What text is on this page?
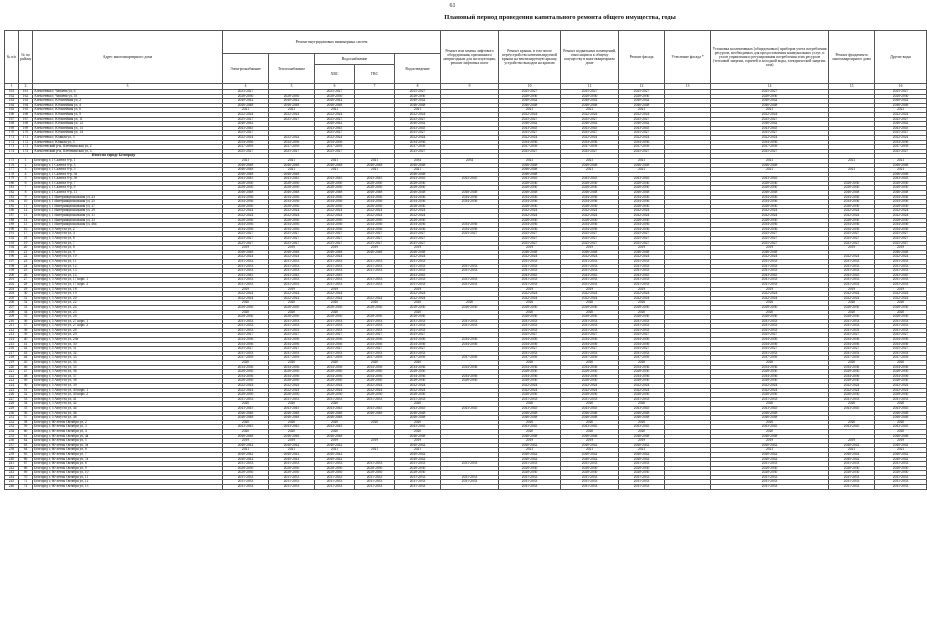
61
Плановый период проведения капитального ремонта общего имущества, годы
№ п/п	№ по району	Адрес многоквартирного дома	Ремонт внутридомовых инженерных систем					Ремонт или замена лифтового оборудования, признанного непригодным для эксплуатации, ремонт лифтовых шахт	Ремонт крыши, в том числе переустройство невентилируемой крыши на вентилируемую крышу, устройство выходов на кровлю	Ремонт подвальных помещений, относящихся к общему имуществу в многоквартирном доме	Ремонт фасада	Утепление фасада *	Установка коллективных (общедомовых) приборов учета потребления ресурсов, необходимых для предоставления коммунальных услуг, и узлов управления и регулирования потребления этих ресурсов (тепловой энергии, горячей и холодной воды, электрической энергии, газа)	Ремонт фундамента многоквартирного дома	Другие виды
			Электроснабжение	Теплоснабжение	Водоснабжение		Водоотведение								
					ХВС	ГВС									
1	2	3	4	5	6	7	8	9	10	11	12	13	14	15	16
161	161	Алексеевка г, Чапаева ул, 6	2023-2027		2025-2027		2025-2027		2025-2027	2025-2027	2025-2027		2025-2027		2025-2027
162	162	Алексеевка г, Чапаева ул, 55	2028-2030	2028-2030	2028-2030		2028-2030		2028-2030	2028-2030	2028-2030		2028-2030		2028-2030
163	163	Алексеевка г, Юбилейная ул, 2	2040-2042	2040-2042	2040-2042		2040-2042		2040-2042	2040-2042	2040-2042		2040-2042		2040-2042
164	164	Алексеевка г, Юбилейная ул, 4	2046-2048	2046-2048	2046-2048		2046-2048		2046-2048	2046-2048	2046-2048		2046-2048		2046-2048
165	165	Алексеевка г, Юбилейная ул, 6	2021	2021	2021		2021		2021	2021	2021		2021		2021
166	166	Алексеевка г, Юбилейная ул, 9	2022-2024	2022-2024	2022-2024		2022-2024		2022-2024	2022-2024	2022-2024		2022-2024		2022-2024
167	167	Алексеевка г, Юбилейная ул, 11	2025-2027	2025-2027	2025-2027		2025-2027		2025-2027	2025-2027	2025-2027		2025-2027		2025-2027
168	168	Алексеевка г, Юбилейная ул, 12	2040-2042		2040-2042		2040-2042		2040-2042	2040-2042	2040-2042		2040-2042		2040-2042
169	169	Алексеевка г, Юбилейная ул, 13	2043-2045		2043-2045		2043-2045		2043-2045	2043-2045	2043-2045		2043-2045		2043-2045
170	170	Алексеевка г, Юбилейная ул, 14	2025-2027		2025-2027		2025-2027		2025-2027	2025-2027	2025-2027		2025-2027		2025-2027
171	171	Алексеевка г, Южная ул, 3	2022-2024	2022-2024	2022-2024		2022-2024		2022-2024	2022-2024	2022-2024		2022-2024		2022-2024
172	172	Алексеевка г, Южная ул, 5	2034-2036	2034-2036	2034-2036		2034-2036		2034-2036	2034-2036	2034-2036		2034-2036		2034-2036
173	173	Алексеевский р-н, Шебекинская ул, 2	2037-2039	2037-2039	2037-2039		2037-2039		2037-2039	2037-2039	2037-2039		2037-2039		2037-2039
174	174	Алексеевский р-н, Шебекинская ул, 4	2025-2027	2025-2027	2025-2027		2025-2027		2025-2027	2025-2027	2025-2027		2025-2027		2025-2027
Итого по городу Белгороду															
175	1	Белгород г, 1 Салюта б-р, 1	2021	2021	2021	2021	2034	2034	2021	2021	2021		2021	2021	2021
176	2	Белгород г, 1 Салюта б-р, 3	2046-2048	2046-2048	2046-2048	2046-2048	2046-2048		2046-2048	2046-2048	2046-2048		2046-2048		2046-2048
177	3	Белгород г, 1 Салюта б-р, 5	2046-2048	2021	2021	2021	2021		2046-2048	2021	2021		2021	2021	2021
178	4	Белгород г, 1 Салюта б-р, 5а	2046-2048	2046-2048			2046-2048		2046-2048						2046-2048
179	5	Белгород г, 1 Салюта б-р, 5б	2043-2045	2043-2045	2043-2045	2043-2045	2043-2045	2043-2045	2043-2045	2043-2045	2043-2045		2043-2045		2043-2045
180	6	Белгород г, 1 Салюта б-р, 7	2028-2030	2028-2030	2028-2030	2028-2030	2028-2030		2028-2030	2028-2030	2028-2030		2028-2030	2028-2030	2028-2030
181	7	Белгород г, 1 Салюта б-р, 9	2028-2030	2028-2030	2028-2030	2028-2030	2028-2030		2028-2030	2028-2030	2028-2030		2028-2030	2028-2030	2028-2030
182	8	Белгород г, 1 Салюта б-р, 11	2046-2048	2046-2048	2046-2048	2046-2048	2046-2048	2046-2048	2046-2048	2046-2048	2046-2048		2046-2048	2046-2048	2046-2048
183	9	Белгород г, 1 Интернациональная ул, 23	2034-2036	2034-2036	2034-2036	2034-2036	2034-2036	2034-2036	2034-2036	2034-2036	2034-2036		2034-2036	2034-2036	2034-2036
184	10	Белгород г, 1 Интернациональная ул, 25	2034-2036	2034-2036	2034-2036	2034-2036	2034-2036	2034-2036	2034-2036	2034-2036	2034-2036		2034-2036	2034-2036	2034-2036
185	11	Белгород г, 1 Интернациональная ул, 27	2028-2030	2028-2030	2028-2030	2028-2030	2028-2030		2028-2030	2028-2030	2028-2030		2028-2030	2028-2030	2028-2030
186	12	Белгород г, 1 Интернациональная ул, 29	2022-2024	2022-2024	2022-2024	2022-2024	2022-2024		2022-2024	2022-2024	2022-2024		2022-2024	2022-2024	2022-2024
187	13	Белгород г, 1 Интернациональная ул, 31	2022-2024	2022-2024	2022-2024	2022-2024	2022-2024		2022-2024	2022-2024	2022-2024		2022-2024	2022-2024	2022-2024
188	14	Белгород г, 1 Интернациональная ул, 33	2028-2030	2028-2030	2028-2030	2028-2030	2028-2030		2028-2030	2028-2030	2028-2030		2028-2030	2028-2030	2028-2030
189	15	Белгород г, 1 Интернациональная ул, 46а	2034-2036	2034-2036	2034-2036	2034-2036	2034-2036	2034-2036	2034-2036	2034-2036	2034-2036		2034-2036	2034-2036	2034-2036
190	16	Белгород г, 5 Августа ул, 2	2034-2036	2034-2036	2034-2036	2034-2036	2034-2036	2034-2036	2034-2036	2034-2036	2034-2036		2034-2036	2034-2036	2034-2036
191	17	Белгород г, 5 Августа ул, 4	2025-2027	2025-2027	2025-2027	2025-2027	2025-2027	2025-2027	2025-2027	2025-2027	2025-2027		2025-2027	2025-2027	2025-2027
192	18	Белгород г, 5 Августа ул, 6	2025-2027	2025-2027	2025-2027	2025-2027	2025-2027		2025-2027	2025-2027	2025-2027		2025-2027	2025-2027	2025-2027
193	19	Белгород г, 5 Августа ул, 7	2025-2027	2025-2027	2025-2027	2025-2027	2025-2027		2025-2027	2025-2027	2025-2027		2025-2027	2025-2027	2025-2027
194	20	Белгород г, 5 Августа ул, 8	2019	2019	2019	2019	2019		2019	2019	2019		2019	2019	2019
195	21	Белгород г, 5 Августа ул, 9	2046-2048	2046-2048	2046-2048	2046-2048	2046-2048		2046-2048	2046-2048	2046-2048		2046-2048		2046-2048
196	22	Белгород г, 5 Августа ул, 10	2022-2024	2022-2024	2022-2024		2022-2024		2022-2024	2022-2024	2022-2024		2022-2024	2022-2024	2022-2024
197	23	Белгород г, 5 Августа ул, 11	2031-2033	2031-2033	2031-2033	2031-2033	2031-2033		2031-2033	2031-2033	2031-2033		2031-2033	2031-2033	2031-2033
198	24	Белгород г, 5 Августа ул, 12	2031-2033	2031-2033	2031-2033	2031-2033	2031-2033	2031-2033	2031-2033	2031-2033	2031-2033		2031-2033	2031-2033	2031-2033
199	25	Белгород г, 5 Августа ул, 13	2031-2033	2031-2033	2031-2033	2031-2033	2031-2033	2031-2033	2031-2033	2031-2033	2031-2033		2031-2033	2031-2033	2031-2033
200	26	Белгород г, 5 Августа ул, 14	2043-2045	2043-2045	2043-2045		2043-2045		2043-2045	2043-2045	2043-2045		2043-2045	2043-2045	2043-2045
201	27	Белгород г, 5 Августа ул, 17 корп. 1	2031-2033	2031-2033	2031-2033	2031-2033	2031-2033	2031-2033	2031-2033	2031-2033	2031-2033		2031-2033	2031-2033	2031-2033
202	28	Белгород г, 5 Августа ул, 17 корп. 2	2031-2033	2031-2033	2031-2033	2031-2033	2031-2033	2031-2033	2031-2033	2031-2033	2031-2033		2031-2033	2031-2033	2031-2033
203	29	Белгород г, 5 Августа ул, 18	2019	2019	2019		2019		2019	2019	2019		2019	2019	2019
204	30	Белгород г, 5 Августа ул, 19	2022-2024	2022-2024	2022-2024		2022-2024		2022-2024	2022-2024	2022-2024		2022-2024	2022-2024	2022-2024
205	31	Белгород г, 5 Августа ул, 20	2022-2024	2022-2024	2022-2024	2022-2024	2022-2024		2022-2024	2022-2024	2022-2024		2022-2024	2022-2024	2022-2024
206	32	Белгород г, 5 Августа ул, 22	2020	2020	2020	2020	2020	2020	2020	2020	2020		2020	2020	2020
207	33	Белгород г, 5 Августа ул, 24	2028-2030	2028-2030	2028-2030	2028-2030	2028-2030	2028-2030	2028-2030	2028-2030	2028-2030		2028-2030	2028-2030	2028-2030
208	34	Белгород г, 5 Августа ул, 25	2020	2020	2020		2020		2020	2020	2020		2020	2020	2020
209	35	Белгород г, 5 Августа ул, 26	2028-2030	2028-2030	2028-2030	2028-2030	2028-2030		2028-2030	2028-2030	2028-2030		2028-2030	2028-2030	2028-2030
210	36	Белгород г, 5 Августа ул, 27 корп. 1	2031-2033	2031-2033	2031-2033	2031-2033	2031-2033	2031-2033	2031-2033	2031-2033	2031-2033		2031-2033	2031-2033	2031-2033
211	37	Белгород г, 5 Августа ул, 27 корп. 2	2031-2033	2031-2033	2031-2033	2031-2033	2031-2033	2031-2033	2031-2033	2031-2033	2031-2033		2031-2033	2031-2033	2031-2033
212	38	Белгород г, 5 Августа ул, 28	2031-2033	2031-2033	2031-2033	2031-2033	2031-2033		2031-2033	2031-2033	2031-2033		2031-2033	2031-2033	2031-2033
213	39	Белгород г, 5 Августа ул, 29	2025-2027	2025-2027	2025-2027	2025-2027	2025-2027		2025-2027	2025-2027	2025-2027		2025-2027	2025-2027	2025-2027
214	40	Белгород г, 5 Августа ул, 29а	2034-2036	2034-2036	2034-2036	2034-2036	2034-2036	2034-2036	2034-2036	2034-2036	2034-2036		2034-2036	2034-2036	2034-2036
215	41	Белгород г, 5 Августа ул, 30	2034-2036	2034-2036	2034-2036	2034-2036	2034-2036	2034-2036	2034-2036	2034-2036	2034-2036		2034-2036	2034-2036	2034-2036
216	42	Белгород г, 5 Августа ул, 31	2025-2027	2025-2027	2025-2027	2025-2027	2025-2027		2025-2027	2025-2027	2025-2027		2025-2027	2025-2027	2025-2027
217	43	Белгород г, 5 Августа ул, 32	2031-2033	2031-2033	2031-2033	2031-2033	2031-2033		2031-2033	2031-2033	2031-2033		2031-2033	2031-2033	2031-2033
218	44	Белгород г, 5 Августа ул, 33	2037-2039	2037-2039	2037-2039	2037-2039	2037-2039	2037-2039	2037-2039	2037-2039	2037-2039		2037-2039	2037-2039	2037-2039
219	45	Белгород г, 5 Августа ул, 34	2020	2020	2020	2020	2020		2020	2020	2020		2020	2020	2020
220	46	Белгород г, 5 Августа ул, 35	2034-2036	2034-2036	2034-2036	2034-2036	2034-2036	2034-2036	2034-2036	2034-2036	2034-2036		2034-2036	2034-2036	2034-2036
221	47	Белгород г, 5 Августа ул, 36	2028-2030	2028-2030	2028-2030	2028-2030	2028-2030		2028-2030	2028-2030	2028-2030		2028-2030	2028-2030	2028-2030
222	48	Белгород г, 5 Августа ул, 37	2034-2036	2034-2036	2034-2036	2034-2036	2034-2036	2034-2036	2034-2036	2034-2036	2034-2036		2034-2036	2034-2036	2034-2036
223	49	Белгород г, 5 Августа ул, 38	2028-2030	2028-2030	2028-2030	2028-2030	2028-2030	2028-2030	2028-2030	2028-2030	2028-2030		2028-2030	2028-2030	2028-2030
224	50	Белгород г, 5 Августа ул, 39	2022-2024	2022-2024	2022-2024	2022-2024	2022-2024		2022-2024	2022-2024	2022-2024		2022-2024	2022-2024	2022-2024
225	51	Белгород г, 5 Августа ул, 40 корп. 1	2022-2024	2022-2024	2022-2024	2022-2024	2022-2024		2022-2024	2022-2024	2022-2024		2022-2024	2022-2024	2022-2024
226	52	Белгород г, 5 Августа ул, 40 корп. 2	2028-2030	2028-2030	2028-2030	2028-2030	2028-2030		2028-2030	2028-2030	2028-2030		2028-2030	2028-2030	2028-2030
227	53	Белгород г, 5 Августа ул, 41	2031-2033	2031-2033	2031-2033	2031-2033	2031-2033		2031-2033	2031-2033	2031-2033		2031-2033	2031-2033	2031-2033
228	54	Белгород г, 5 Августа ул, 42	2020	2020	2020		2020		2020	2020	2020		2020	2020	2020
229	55	Белгород г, 5 Августа ул, 44	2043-2045	2043-2045	2043-2045	2043-2045	2043-2045	2043-2045	2043-2045	2043-2045	2043-2045		2043-2045	2043-2045	2043-2045
230	56	Белгород г, 5 Августа ул, 46	2046-2048	2046-2048	2046-2048	2046-2048	2046-2048		2046-2048	2046-2048	2046-2048		2046-2048		2046-2048
231	57	Белгород г, 5 Августа ул, 48	2046-2048	2046-2048	2046-2048		2046-2048		2046-2048	2046-2048	2046-2048		2046-2048		2046-2048
232	58	Белгород г, 60-летия Октября ул, 2	2020	2020	2020	2020	2020		2020	2020	2020		2020	2020	2020
233	59	Белгород г, 60-летия Октября ул, 3	2043-2045	2043-2045	2043-2045		2043-2045		2043-2045	2043-2045	2043-2045		2043-2045	2043-2045	2043-2045
234	60	Белгород г, 60-летия Октября ул, 4	2020	2020	2020		2020		2020	2020	2020		2020		2020
235	61	Белгород г, 60-летия Октября ул, 4а	2046-2048	2046-2048	2046-2048		2046-2048		2046-2048	2046-2048	2046-2048		2046-2048		2046-2048
236	62	Белгород г, 60-летия Октября ул, 5	2019	2019	2019	2019	2019		2019	2019	2019		2019	2019	2019
237	63	Белгород г, 60-летия Октября ул, 5а	2040-2042	2040-2042	2040-2042		2040-2042		2040-2042	2040-2042	2040-2042		2040-2042	2040-2042	2040-2042
238	64	Белгород г, 60-летия Октября ул, 6	2021	2021	2021	2021	2021		2021	2021	2021		2021	2021	2021
239	65	Белгород г, 60-летия Октября ул, 7	2040-2042	2040-2042	2040-2042		2040-2042		2040-2042	2040-2042	2040-2042		2040-2042	2040-2042	2040-2042
240	66	Белгород г, 60-летия Октября ул, 7а	2040-2042	2040-2042	2040-2042		2040-2042		2040-2042	2040-2042	2040-2042		2040-2042	2040-2042	2040-2042
241	67	Белгород г, 60-летия Октября ул, 8	2031-2033	2031-2033	2031-2033	2031-2033	2031-2033	2031-2033	2031-2033	2031-2033	2031-2033		2031-2033	2031-2033	2031-2033
242	68	Белгород г, 60-летия Октября ул, 9	2028-2030	2028-2030	2028-2030	2028-2030	2028-2030		2028-2030	2028-2030	2028-2030		2028-2030	2028-2030	2028-2030
243	69	Белгород г, 60-летия Октября ул, 10	2028-2030	2028-2030	2028-2030	2028-2030	2028-2030		2028-2030	2028-2030	2028-2030		2028-2030	2028-2030	2028-2030
244	70	Белгород г, 60-летия Октября ул, 11	2031-2033	2031-2033	2031-2033	2031-2033	2031-2033	2031-2033	2031-2033	2031-2033	2031-2033		2031-2033	2031-2033	2031-2033
245	71	Белгород г, 60-летия Октября ул, 12	2031-2033	2031-2033	2031-2033	2031-2033	2031-2033	2031-2033	2031-2033	2031-2033	2031-2033		2031-2033	2031-2033	2031-2033
246	72	Белгород г, 60-летия Октября ул, 13	2031-2033	2031-2033	2031-2033	2031-2033	2031-2033		2031-2033	2031-2033	2031-2033		2031-2033	2031-2033	2031-2033
